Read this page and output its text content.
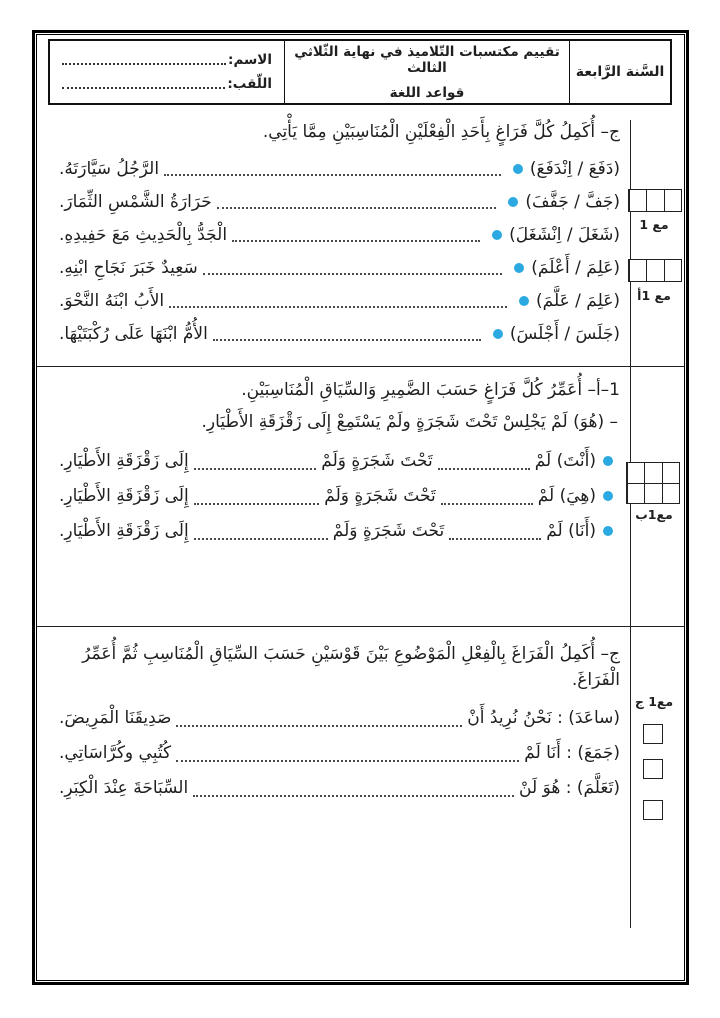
السَّنة الرَّابعة
تقييم مكتسبات التّلاميذ في نهاية الثّلاثي الثالث
قواعد اللغة
الاسم:
اللّقب:
ج– أُكَمِلُ كُلَّ فَرَاغٍ بِأَحَدِ الْفِعْلَيْنِ الْمُنَاسِبَيْنِ مِمَّا يَأْتِي.
(دَفَعَ / اِنْدَفَعَ)
الرَّجُلُ سَيَّارَتَهُ.
(جَفَّ / جَفَّفَ)
حَرَارَةُ الشَّمْسِ الثِّمَارَ.
(شَغَلَ / اِنْشَغَلَ)
الْجَدُّ بِالْحَدِيثِ مَعَ حَفِيدِهِ.
(عَلِمَ / أَعْلَمَ)
سَعِيدٌ خَبَرَ نَجَاحِ ابْنِهِ.
(عَلِمَ / عَلَّمَ)
الأَبُ ابْنَهُ النَّحْوَ.
(جَلَسَ / أَجْلَسَ)
الأُمُّ ابْنَهَا عَلَى رُكْبَتَيْهَا.
1–أ– أُعَمِّرُ كُلَّ فَرَاغٍ حَسَبَ الضَّمِيرِ وَالسِّيَاقِ الْمُنَاسِبَيْنِ.
– (هُوَ) لَمْ يَجْلِسْ تَحْتَ شَجَرَةٍ ولَمْ يَسْتَمِعْ إِلَى زَقْزَقَةِ الأَطْيَارِ.
(أَنْتَ) لَمْ
تَحْتَ شَجَرَةٍ وَلَمْ
إِلَى زَقْزَقَةِ الأَطْيَارِ.
(هِيَ) لَمْ
تَحْتَ شَجَرَةٍ وَلَمْ
إِلَى زَقْزَقَةِ الأَطْيَارِ.
(أَنَا) لَمْ
تَحْتَ شَجَرَةٍ وَلَمْ
إِلَى زَقْزَقَةِ الأَطْيَارِ.
ج– أُكَمِلُ الْفَرَاغَ بِالْفِعْلِ الْمَوْضُوعِ بَيْنَ قَوْسَيْنِ حَسَبَ السِّيَاقِ الْمُنَاسِبِ ثُمَّ أُعَمِّرُ الْفَرَاغَ.
(ساعَدَ) : نَحْنُ نُرِيدُ أَنْ
صَدِيقَنَا الْمَرِيضَ.
(جَمَعَ) : أَنَا لَمْ
كُتُبِي وكُرَّاسَاتِي.
(تَعَلَّمَ) : هُوَ لَنْ
السِّبَاحَةَ عِنْدَ الْكِبَرِ.
مع 1
مع 1أ
مع1ب
مع1 ج
